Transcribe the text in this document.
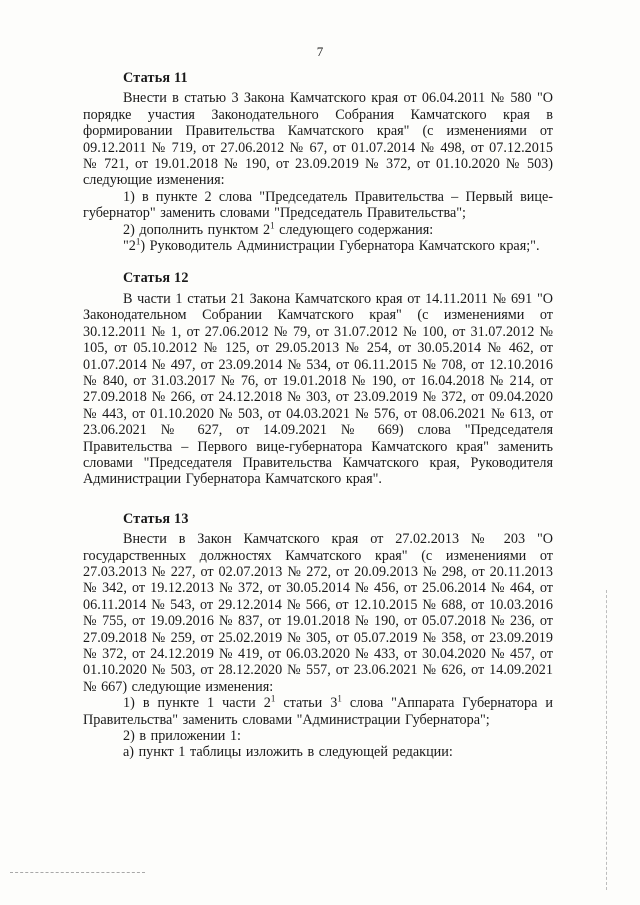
7
Статья 11

Внести в статью 3 Закона Камчатского края от 06.04.2011 № 580 "О порядке участия Законодательного Собрания Камчатского края в формировании Правительства Камчатского края" (с изменениями от 09.12.2011 № 719, от 27.06.2012 № 67, от 01.07.2014 № 498, от 07.12.2015 № 721, от 19.01.2018 № 190, от 23.09.2019 № 372, от 01.10.2020 № 503) следующие изменения:

1) в пункте 2 слова "Председатель Правительства – Первый вице-губернатор" заменить словами "Председатель Правительства";

2) дополнить пунктом $2^1$ следующего содержания:

"$2^1$) Руководитель Администрации Губернатора Камчатского края;".

Статья 12

В части 1 статьи 21 Закона Камчатского края от 14.11.2011 № 691 "О Законодательном Собрании Камчатского края" (с изменениями от 30.12.2011 № 1, от 27.06.2012 № 79, от 31.07.2012 № 100, от 31.07.2012 № 105, от 05.10.2012 № 125, от 29.05.2013 № 254, от 30.05.2014 № 462, от 01.07.2014 № 497, от 23.09.2014 № 534, от 06.11.2015 № 708, от 12.10.2016 № 840, от 31.03.2017 № 76, от 19.01.2018 № 190, от 16.04.2018 № 214, от 27.09.2018 № 266, от 24.12.2018 № 303, от 23.09.2019 № 372, от 09.04.2020 № 443, от 01.10.2020 № 503, от 04.03.2021 № 576, от 08.06.2021 № 613, от 23.06.2021 № 627, от 14.09.2021 № 669) слова "Председателя Правительства – Первого вице-губернатора Камчатского края" заменить словами "Председателя Правительства Камчатского края, Руководителя Администрации Губернатора Камчатского края".

Статья 13

Внести в Закон Камчатского края от 27.02.2013 № 203 "О государственных должностях Камчатского края" (с изменениями от 27.03.2013 № 227, от 02.07.2013 № 272, от 20.09.2013 № 298, от 20.11.2013 № 342, от 19.12.2013 № 372, от 30.05.2014 № 456, от 25.06.2014 № 464, от 06.11.2014 № 543, от 29.12.2014 № 566, от 12.10.2015 № 688, от 10.03.2016 № 755, от 19.09.2016 № 837, от 19.01.2018 № 190, от 05.07.2018 № 236, от 27.09.2018 № 259, от 25.02.2019 № 305, от 05.07.2019 № 358, от 23.09.2019 № 372, от 24.12.2019 № 419, от 06.03.2020 № 433, от 30.04.2020 № 457, от 01.10.2020 № 503, от 28.12.2020 № 557, от 23.06.2021 № 626, от 14.09.2021 № 667) следующие изменения:

1) в пункте 1 части $2^1$ статьи $3^1$ слова "Аппарата Губернатора и Правительства" заменить словами "Администрации Губернатора";

2) в приложении 1:

а) пункт 1 таблицы изложить в следующей редакции:
